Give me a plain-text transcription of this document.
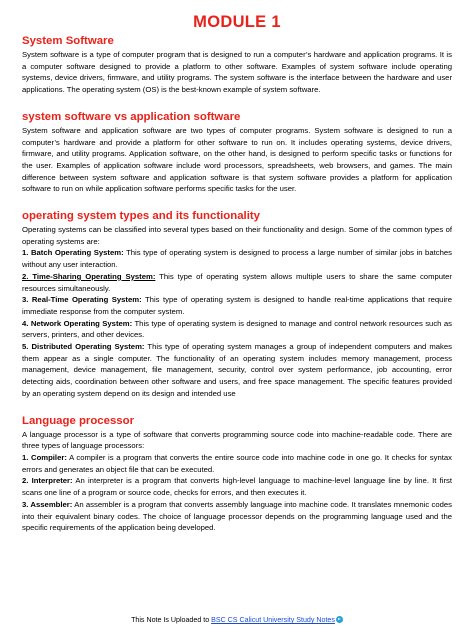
MODULE 1
System Software

System software is a type of computer program that is designed to run a computer’s hardware and application programs. It is a computer software designed to provide a platform to other software. Examples of system software include operating systems, device drivers, firmware, and utility programs. The system software is the interface between the hardware and user applications. The operating system (OS) is the best-known example of system software.

system software vs application software

System software and application software are two types of computer programs. System software is designed to run a computer’s hardware and provide a platform for other software to run on. It includes operating systems, device drivers, firmware, and utility programs. Application software, on the other hand, is designed to perform specific tasks or functions for the user. Examples of application software include word processors, spreadsheets, web browsers, and games. The main difference between system software and application software is that system software provides a platform for application software to run on while application software performs specific tasks for the user.

operating system types and its functionality

Operating systems can be classified into several types based on their functionality and design. Some of the common types of operating systems are:

1. Batch Operating System: This type of operating system is designed to process a large number of similar jobs in batches without any user interaction.

2. Time-Sharing Operating System: This type of operating system allows multiple users to share the same computer resources simultaneously.

3. Real-Time Operating System: This type of operating system is designed to handle real-time applications that require immediate response from the computer system.

4. Network Operating System: This type of operating system is designed to manage and control network resources such as servers, printers, and other devices.

5. Distributed Operating System: This type of operating system manages a group of independent computers and makes them appear as a single computer. The functionality of an operating system includes memory management, process management, device management, file management, security, control over system performance, job accounting, error detecting aids, coordination between other software and users, and free space management. The specific features provided by an operating system depend on its design and intended use

Language processor

A language processor is a type of software that converts programming source code into machine-readable code. There are three types of language processors:

1. Compiler: A compiler is a program that converts the entire source code into machine code in one go. It checks for syntax errors and generates an object file that can be executed.

2. Interpreter: An interpreter is a program that converts high-level language to machine-level language line by line. It first scans one line of a program or source code, checks for errors, and then executes it.

3. Assembler: An assembler is a program that converts assembly language into machine code. It translates mnemonic codes into their equivalent binary codes. The choice of language processor depends on the programming language used and the specific requirements of the application being developed.

This Note Is Uploaded to BSC CS Calicut University Study Notes
